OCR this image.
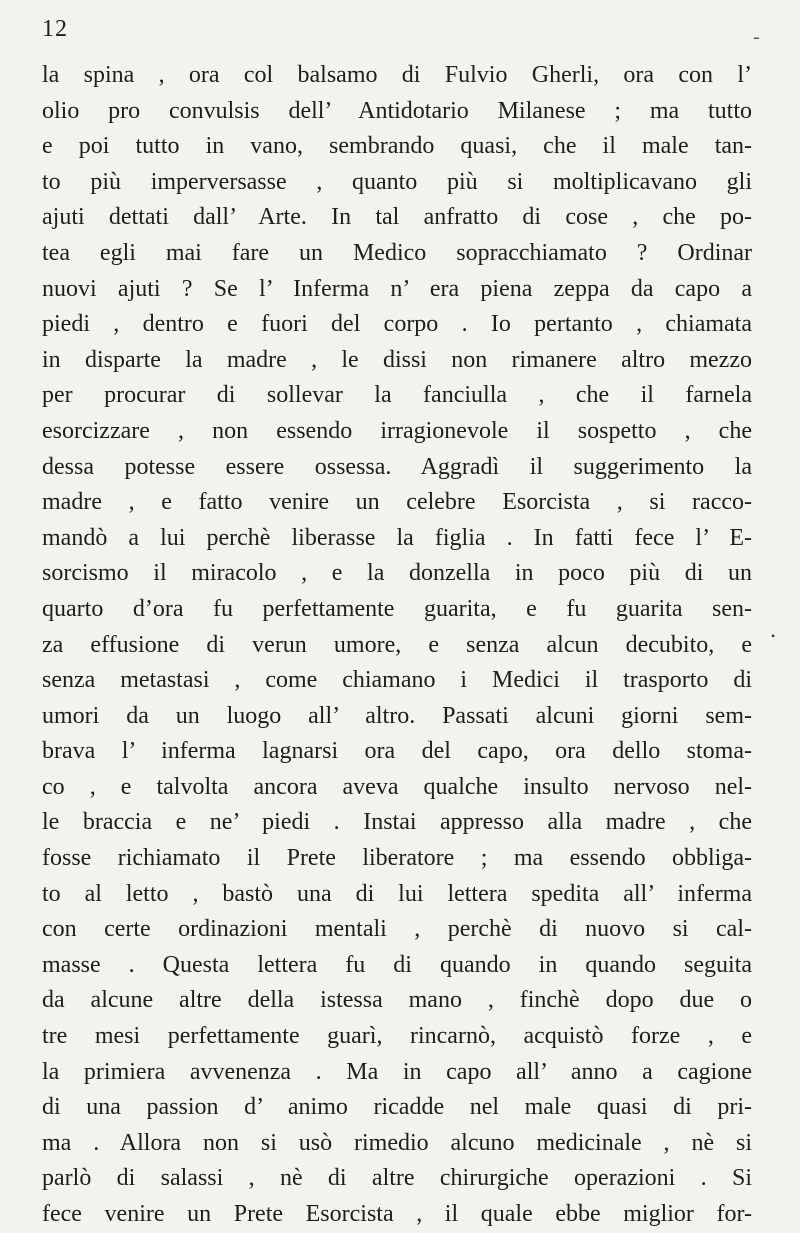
12	-
•
la spina , ora col balsamo di Fulvio Gherli, ora con l’
olio pro convulsis dell’ Antidotario Milanese ; ma tutto
e poi tutto in vano, sembrando quasi, che il male tan-
to più imperversasse , quanto più si moltiplicavano gli
ajuti dettati dall’ Arte. In tal anfratto di cose , che po-
tea egli mai fare un Medico sopracchiamato ? Ordinar
nuovi ajuti ? Se l’ Inferma n’ era piena zeppa da capo a
piedi , dentro e fuori del corpo . Io pertanto , chiamata
in disparte la madre , le dissi non rimanere altro mezzo
per procurar di sollevar la fanciulla , che il farnela
esorcizzare , non essendo irragionevole il sospetto , che
dessa potesse essere ossessa. Aggradì il suggerimento la
madre , e fatto venire un celebre Esorcista , si racco-
mandò a lui perchè liberasse la figlia . In fatti fece l’ E-
sorcismo il miracolo , e la donzella in poco più di un
quarto d’ora fu perfettamente guarita, e fu guarita sen-
za effusione di verun umore, e senza alcun decubito, e
senza metastasi , come chiamano i Medici il trasporto di
umori da un luogo all’ altro. Passati alcuni giorni sem-
brava l’ inferma lagnarsi ora del capo, ora dello stoma-
co , e talvolta ancora aveva qualche insulto nervoso nel-
le braccia e ne’ piedi . Instai appresso alla madre , che
fosse richiamato il Prete liberatore ; ma essendo obbliga-
to al letto , bastò una di lui lettera spedita all’ inferma
con certe ordinazioni mentali , perchè di nuovo si cal-
masse . Questa lettera fu di quando in quando seguita
da alcune altre della istessa mano , finchè dopo due o
tre mesi perfettamente guarì, rincarnò, acquistò forze , e
la primiera avvenenza . Ma in capo all’ anno a cagione
di una passion d’ animo ricadde nel male quasi di pri-
ma . Allora non si usò rimedio alcuno medicinale , nè si
parlò di salassi , nè di altre chirurgiche operazioni . Si
fece venire un Prete Esorcista , il quale ebbe miglior for-
